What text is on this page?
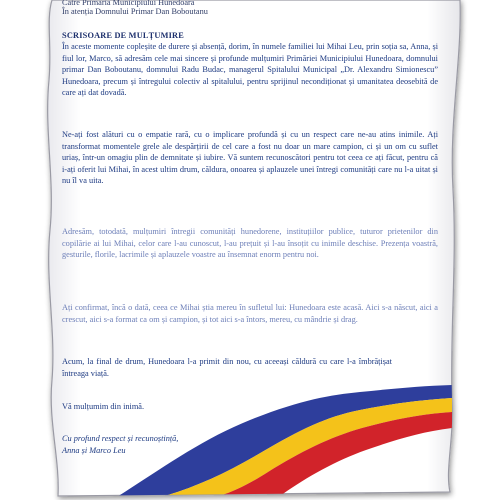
Către Primăria Municipiului Hunedoara

În atenția Domnului Primar Dan Boboutanu

SCRISOARE DE MULȚUMIRE

În aceste momente copleșite de durere și absență, dorim, în numele familiei lui Mihai Leu, prin soția sa, Anna, și fiul lor, Marco, să adresăm cele mai sincere și profunde mulțumiri Primăriei Municipiului Hunedoara, domnului primar Dan Boboutanu, domnului Radu Budac, managerul Spitalului Municipal „Dr. Alexandru Simionescu” Hunedoara, precum și întregului colectiv al spitalului, pentru sprijinul necondiționat și umanitatea deosebită de care ați dat dovadă.

Ne-ați fost alături cu o empatie rară, cu o implicare profundă și cu un respect care ne-au atins inimile. Ați transformat momentele grele ale despărțirii de cel care a fost nu doar un mare campion, ci și un om cu suflet uriaș, într-un omagiu plin de demnitate și iubire. Vă suntem recunoscători pentru tot ceea ce ați făcut, pentru că i-ați oferit lui Mihai, în acest ultim drum, căldura, onoarea și aplauzele unei întregi comunități care nu l-a uitat și nu îl va uita.

Adresăm, totodată, mulțumiri întregii comunități hunedorene, instituțiilor publice, tuturor prietenilor din copilărie ai lui Mihai, celor care l-au cunoscut, l-au prețuit și l-au însoțit cu inimile deschise. Prezența voastră, gesturile, florile, lacrimile și aplauzele voastre au însemnat enorm pentru noi.

Ați confirmat, încă o dată, ceea ce Mihai știa mereu în sufletul lui: Hunedoara este acasă. Aici s-a născut, aici a crescut, aici s-a format ca om și campion, și tot aici s-a întors, mereu, cu mândrie și drag.

Acum, la final de drum, Hunedoara l-a primit din nou, cu aceeași căldură cu care l-a îmbrățișat întreaga viață.

Vă mulțumim din inimă.

Cu profund respect și recunoștință,

Anna și Marco Leu
